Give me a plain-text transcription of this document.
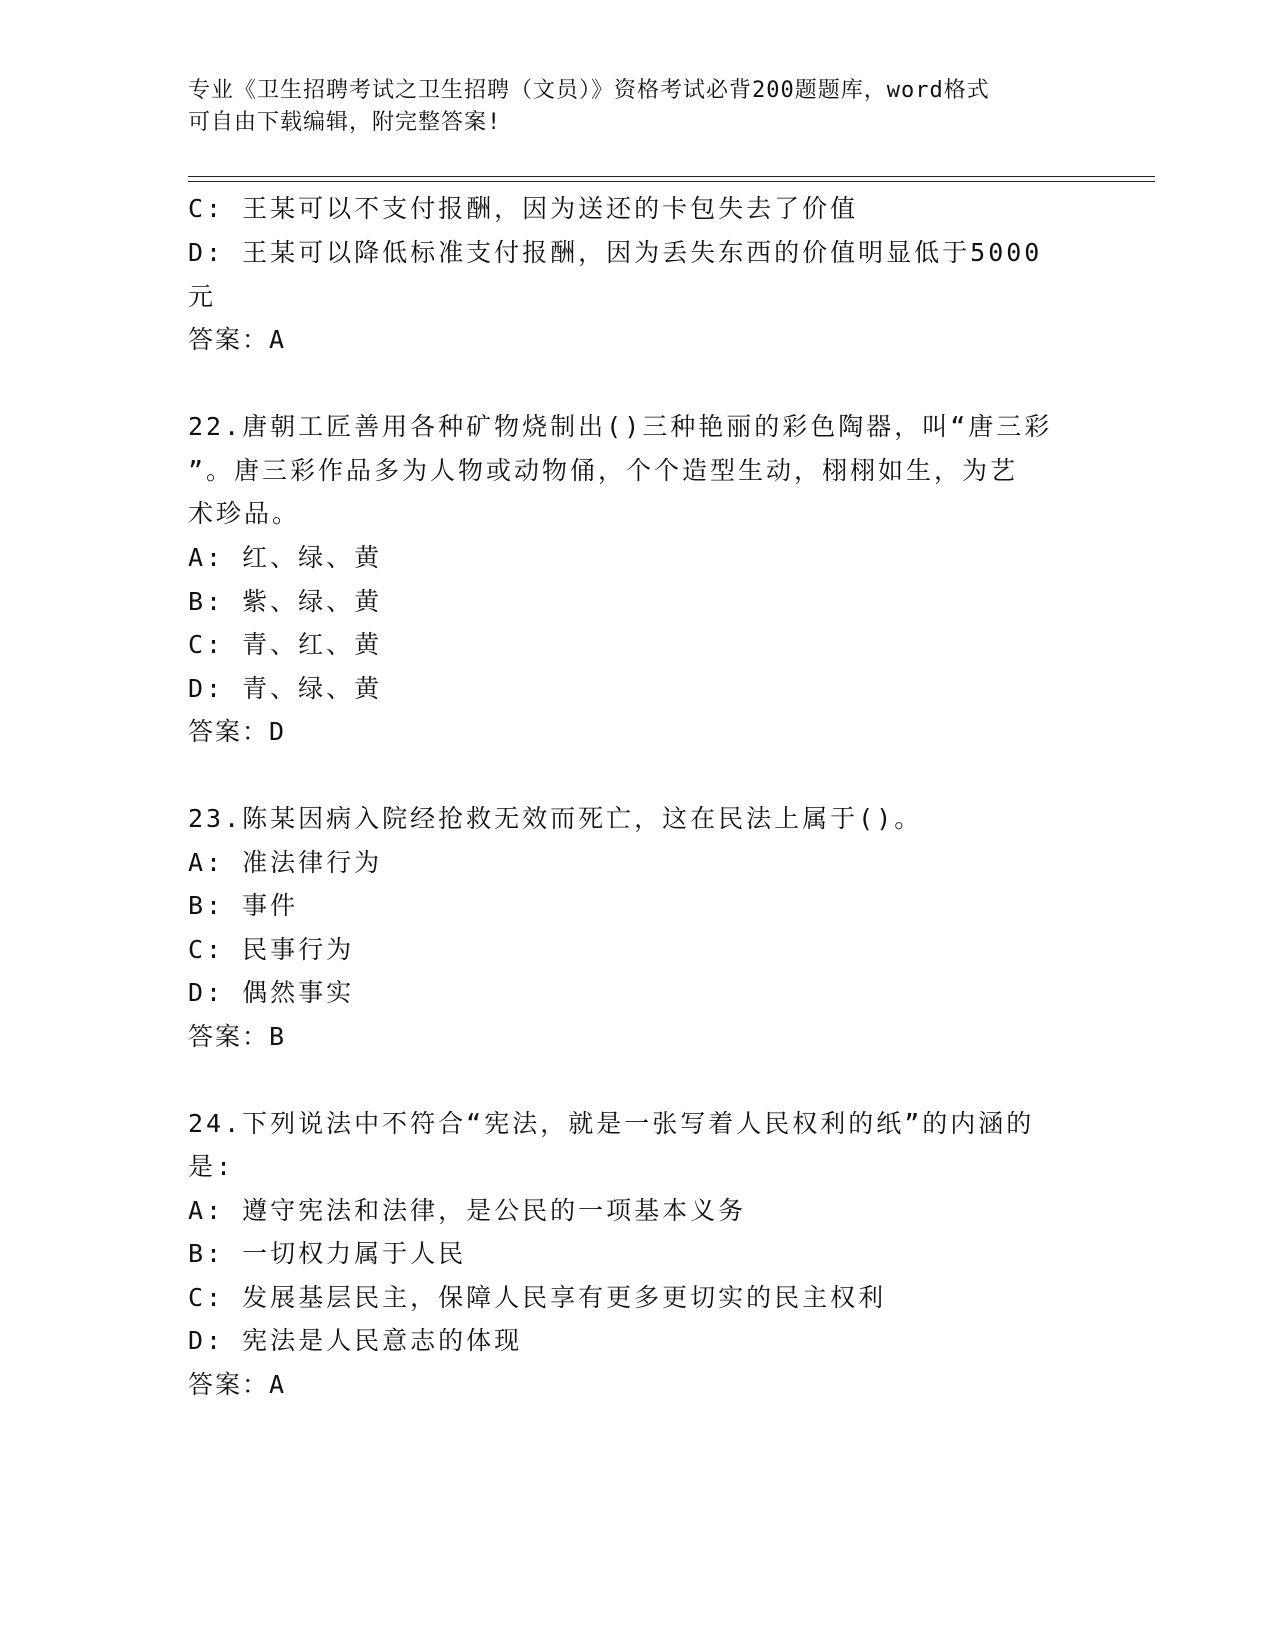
专业《卫生招聘考试之卫生招聘（文员）》资格考试必背200题题库，word格式
可自由下载编辑，附完整答案!
C: 王某可以不支付报酬，因为送还的卡包失去了价值
D: 王某可以降低标准支付报酬，因为丢失东西的价值明显低于5000
元
答案：A
22.唐朝工匠善用各种矿物烧制出()三种艳丽的彩色陶器，叫“唐三彩
”。唐三彩作品多为人物或动物俑，个个造型生动，栩栩如生，为艺
术珍品。
A: 红、绿、黄
B: 紫、绿、黄
C: 青、红、黄
D: 青、绿、黄
答案：D
23.陈某因病入院经抢救无效而死亡，这在民法上属于()。
A: 准法律行为
B: 事件
C: 民事行为
D: 偶然事实
答案：B
24.下列说法中不符合“宪法，就是一张写着人民权利的纸”的内涵的
是:
A: 遵守宪法和法律，是公民的一项基本义务
B: 一切权力属于人民
C: 发展基层民主，保障人民享有更多更切实的民主权利
D: 宪法是人民意志的体现
答案：A
